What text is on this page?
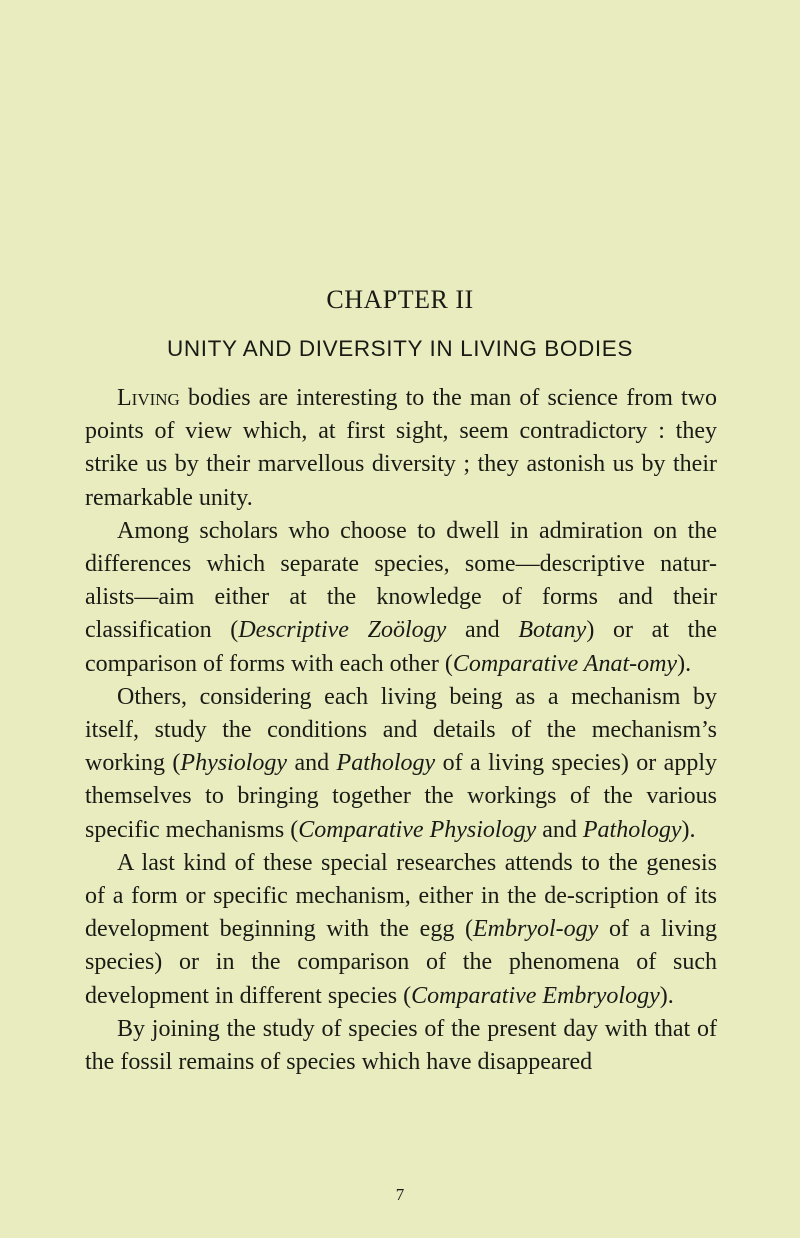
CHAPTER II
UNITY AND DIVERSITY IN LIVING BODIES

Living bodies are interesting to the man of science from two points of view which, at first sight, seem contradictory : they strike us by their marvellous diversity ; they astonish us by their remarkable unity.

Among scholars who choose to dwell in admiration on the differences which separate species, some—descriptive natur-alists—aim either at the knowledge of forms and their classification (Descriptive Zoölogy and Botany) or at the comparison of forms with each other (Comparative Anat-omy).

Others, considering each living being as a mechanism by itself, study the conditions and details of the mechanism’s working (Physiology and Pathology of a living species) or apply themselves to bringing together the workings of the various specific mechanisms (Comparative Physiology and Pathology).

A last kind of these special researches attends to the genesis of a form or specific mechanism, either in the de-scription of its development beginning with the egg (Embryol-ogy of a living species) or in the comparison of the phenomena of such development in different species (Comparative Embryology).

By joining the study of species of the present day with that of the fossil remains of species which have disappeared

7
